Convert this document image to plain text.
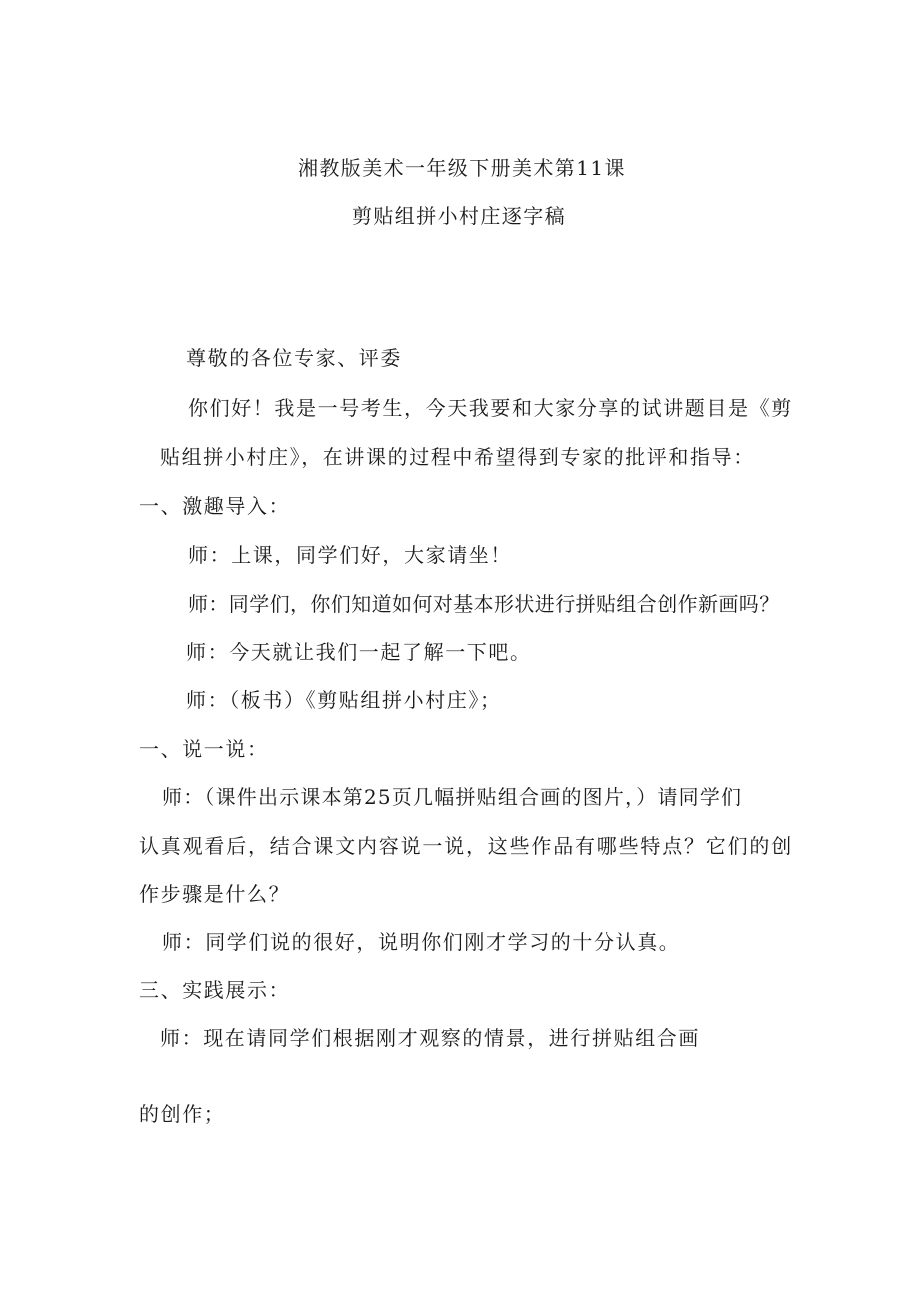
湘教版美术一年级下册美术第11课
剪贴组拼小村庄逐字稿
尊敬的各位专家、评委
你们好！我是一号考生，今天我要和大家分享的试讲题目是《剪
贴组拼小村庄》，在讲课的过程中希望得到专家的批评和指导：
一、激趣导入：
师：上课，同学们好，大家请坐！
师：同学们，你们知道如何对基本形状进行拼贴组合创作新画吗？
师：今天就让我们一起了解一下吧。
师：（板书）《剪贴组拼小村庄》；
一、说一说：
师：（课件出示课本第25页几幅拼贴组合画的图片，）请同学们
认真观看后，结合课文内容说一说，这些作品有哪些特点？它们的创
作步骤是什么？
师：同学们说的很好，说明你们刚才学习的十分认真。
三、实践展示：
师：现在请同学们根据刚才观察的情景，进行拼贴组合画
的创作；
